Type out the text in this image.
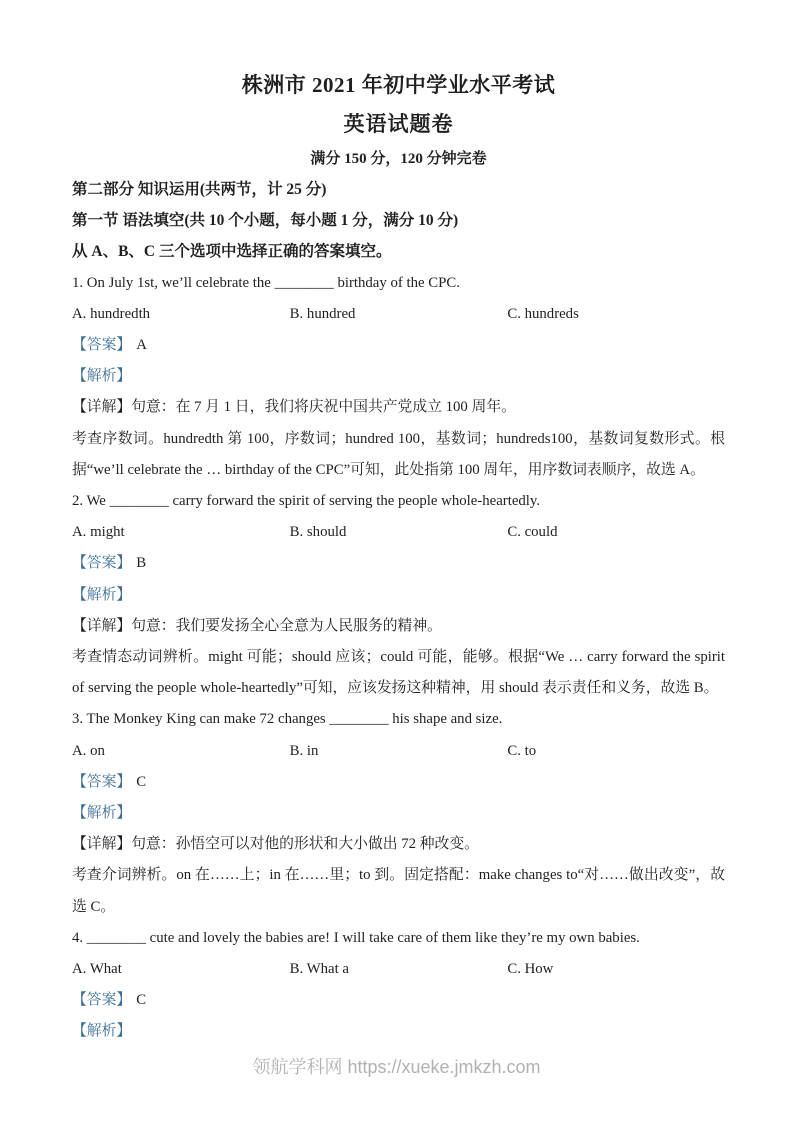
株洲市 2021 年初中学业水平考试
英语试题卷

满分 150 分，120 分钟完卷

第二部分 知识运用(共两节，计 25 分)

第一节 语法填空(共 10 个小题，每小题 1 分，满分 10 分)

从 A、B、C 三个选项中选择正确的答案填空。

1. On July 1st, we’ll celebrate the ________ birthday of the CPC.

A. hundredth	B. hundred	C. hundreds

【答案】 A

【解析】

【详解】句意：在 7 月 1 日，我们将庆祝中国共产党成立 100 周年。

考查序数词。hundredth 第 100，序数词；hundred 100，基数词；hundreds100，基数词复数形式。根据“we’ll celebrate the … birthday of the CPC”可知，此处指第 100 周年，用序数词表顺序，故选 A。

2. We ________ carry forward the spirit of serving the people whole-heartedly.

A. might	B. should	C. could

【答案】 B

【解析】

【详解】句意：我们要发扬全心全意为人民服务的精神。

考查情态动词辨析。might 可能；should 应该；could 可能，能够。根据“We … carry forward the spirit of serving the people whole-heartedly”可知，应该发扬这种精神，用 should 表示责任和义务，故选 B。

3. The Monkey King can make 72 changes ________ his shape and size.

A. on	B. in	C. to

【答案】 C

【解析】

【详解】句意：孙悟空可以对他的形状和大小做出 72 种改变。

考查介词辨析。on 在……上；in 在……里；to 到。固定搭配：make changes to“对……做出改变”，故选 C。

4. ________ cute and lovely the babies are! I will take care of them like they’re my own babies.

A. What	B. What a	C. How

【答案】 C

【解析】

领航学科网 https://xueke.jmkzh.com
